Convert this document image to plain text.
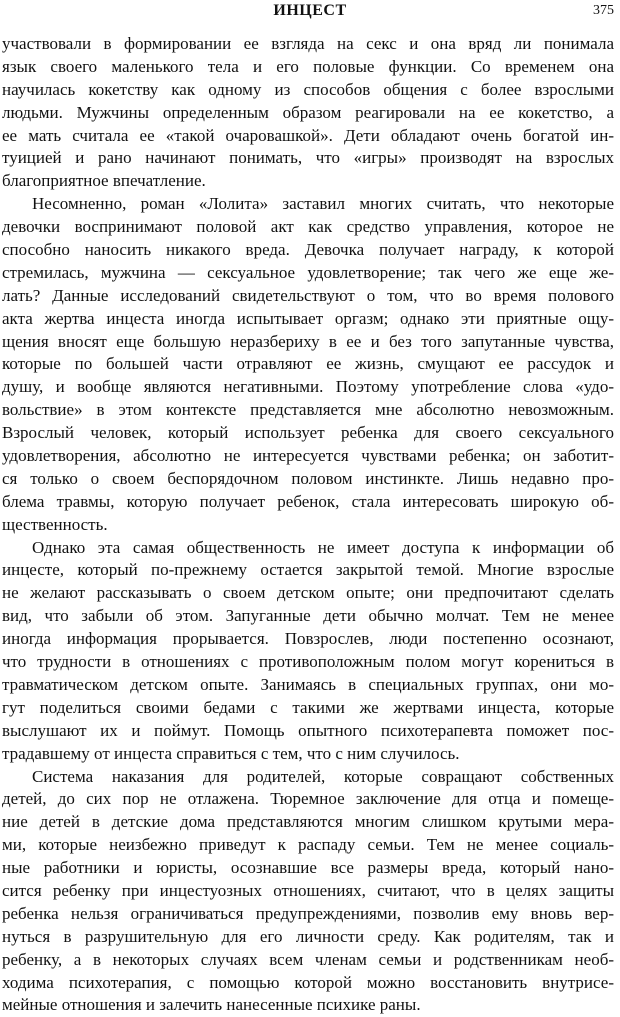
ИНЦЕСТ	375
участвовали в формировании ее взгляда на секс и она вряд ли понимала
язык своего маленького тела и его половые функции. Со временем она
научилась кокетству как одному из способов общения с более взрослыми
людьми. Мужчины определенным образом реагировали на ее кокетство, а
ее мать считала ее «такой очаровашкой». Дети обладают очень богатой ин-
туицией и рано начинают понимать, что «игры» производят на взрослых
благоприятное впечатление.
Несомненно, роман «Лолита» заставил многих считать, что некоторые
девочки воспринимают половой акт как средство управления, которое не
способно наносить никакого вреда. Девочка получает награду, к которой
стремилась, мужчина — сексуальное удовлетворение; так чего же еще же-
лать? Данные исследований свидетельствуют о том, что во время полового
акта жертва инцеста иногда испытывает оргазм; однако эти приятные ощу-
щения вносят еще большую неразбериху в ее и без того запутанные чувства,
которые по большей части отравляют ее жизнь, смущают ее рассудок и
душу, и вообще являются негативными. Поэтому употребление слова «удо-
вольствие» в этом контексте представляется мне абсолютно невозможным.
Взрослый человек, который использует ребенка для своего сексуального
удовлетворения, абсолютно не интересуется чувствами ребенка; он заботит-
ся только о своем беспорядочном половом инстинкте. Лишь недавно про-
блема травмы, которую получает ребенок, стала интересовать широкую об-
щественность.
Однако эта самая общественность не имеет доступа к информации об
инцесте, который по-прежнему остается закрытой темой. Многие взрослые
не желают рассказывать о своем детском опыте; они предпочитают сделать
вид, что забыли об этом. Запуганные дети обычно молчат. Тем не менее
иногда информация прорывается. Повзрослев, люди постепенно осознают,
что трудности в отношениях с противоположным полом могут корениться в
травматическом детском опыте. Занимаясь в специальных группах, они мо-
гут поделиться своими бедами с такими же жертвами инцеста, которые
выслушают их и поймут. Помощь опытного психотерапевта поможет пос-
традавшему от инцеста справиться с тем, что с ним случилось.
Система наказания для родителей, которые совращают собственных
детей, до сих пор не отлажена. Тюремное заключение для отца и помеще-
ние детей в детские дома представляются многим слишком крутыми мера-
ми, которые неизбежно приведут к распаду семьи. Тем не менее социаль-
ные работники и юристы, осознавшие все размеры вреда, который нано-
сится ребенку при инцестуозных отношениях, считают, что в целях защиты
ребенка нельзя ограничиваться предупреждениями, позволив ему вновь вер-
нуться в разрушительную для его личности среду. Как родителям, так и
ребенку, а в некоторых случаях всем членам семьи и родственникам необ-
ходима психотерапия, с помощью которой можно восстановить внутрисе-
мейные отношения и залечить нанесенные психике раны.
